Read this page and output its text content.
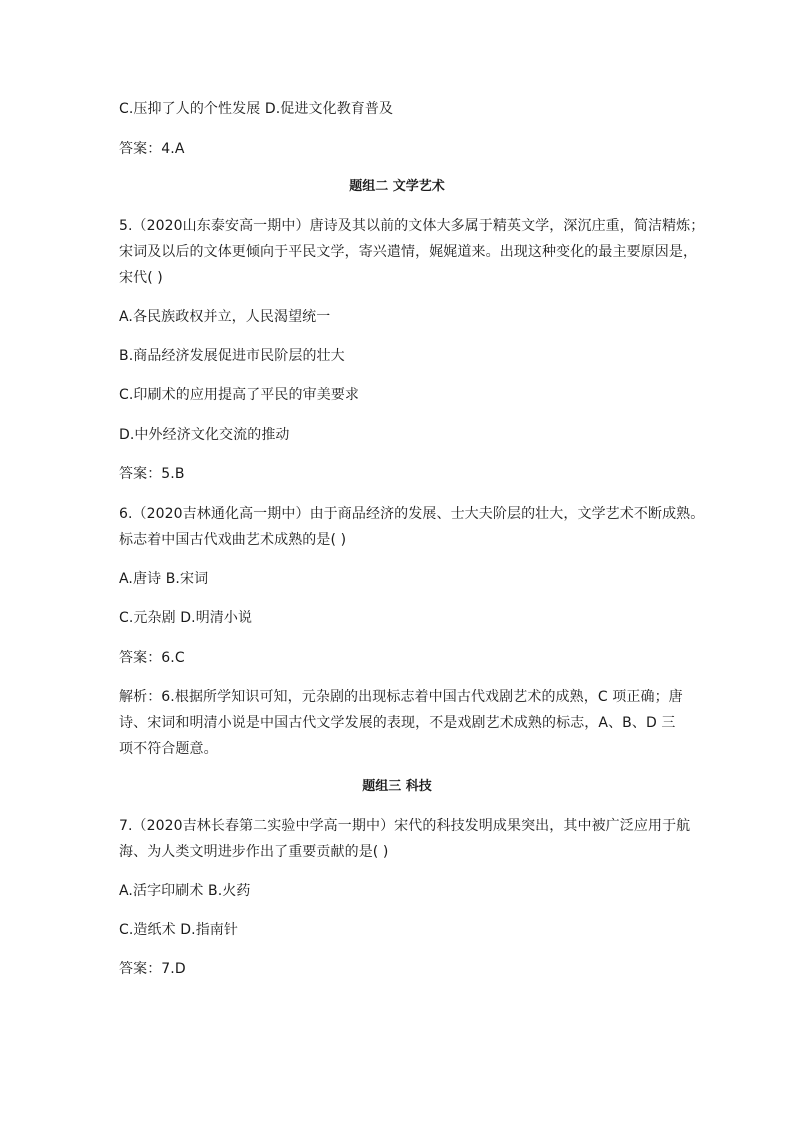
C.压抑了人的个性发展 D.促进文化教育普及
答案：4.A
题组二 文学艺术
5.（2020山东泰安高一期中）唐诗及其以前的文体大多属于精英文学，深沉庄重，简洁精炼；
宋词及以后的文体更倾向于平民文学，寄兴遣情，娓娓道来。出现这种变化的最主要原因是，
宋代( )
A.各民族政权并立，人民渴望统一
B.商品经济发展促进市民阶层的壮大
C.印刷术的应用提高了平民的审美要求
D.中外经济文化交流的推动
答案：5.B
6.（2020吉林通化高一期中）由于商品经济的发展、士大夫阶层的壮大，文学艺术不断成熟。
标志着中国古代戏曲艺术成熟的是( )
A.唐诗 B.宋词
C.元杂剧 D.明清小说
答案：6.C
解析：6.根据所学知识可知，元杂剧的出现标志着中国古代戏剧艺术的成熟，C 项正确；唐
诗、宋词和明清小说是中国古代文学发展的表现，不是戏剧艺术成熟的标志，A、B、D 三
项不符合题意。
题组三 科技
7.（2020吉林长春第二实验中学高一期中）宋代的科技发明成果突出，其中被广泛应用于航
海、为人类文明进步作出了重要贡献的是( )
A.活字印刷术 B.火药
C.造纸术 D.指南针
答案：7.D
